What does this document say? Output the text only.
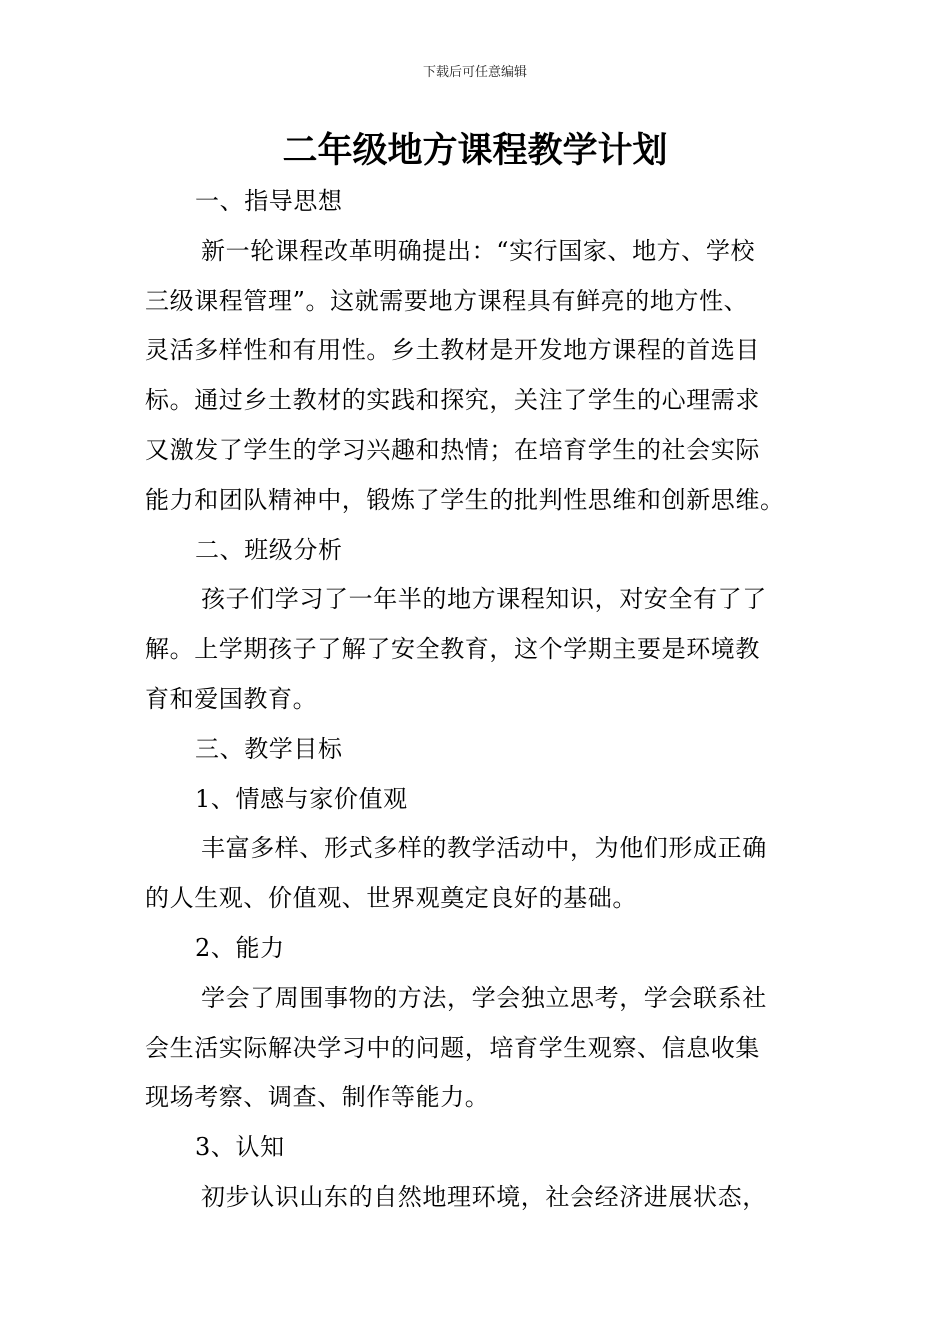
下载后可任意编辑
二年级地方课程教学计划
一、指导思想
新一轮课程改革明确提出：“实行国家、地方、学校
三级课程管理”。这就需要地方课程具有鲜亮的地方性、
灵活多样性和有用性。乡土教材是开发地方课程的首选目
标。通过乡土教材的实践和探究，关注了学生的心理需求
又激发了学生的学习兴趣和热情；在培育学生的社会实际
能力和团队精神中，锻炼了学生的批判性思维和创新思维。
二、班级分析
孩子们学习了一年半的地方课程知识，对安全有了了
解。上学期孩子了解了安全教育，这个学期主要是环境教
育和爱国教育。
三、教学目标
1、情感与家价值观
丰富多样、形式多样的教学活动中，为他们形成正确
的人生观、价值观、世界观奠定良好的基础。
2、能力
学会了周围事物的方法，学会独立思考，学会联系社
会生活实际解决学习中的问题，培育学生观察、信息收集
现场考察、调查、制作等能力。
3、认知
初步认识山东的自然地理环境，社会经济进展状态，
